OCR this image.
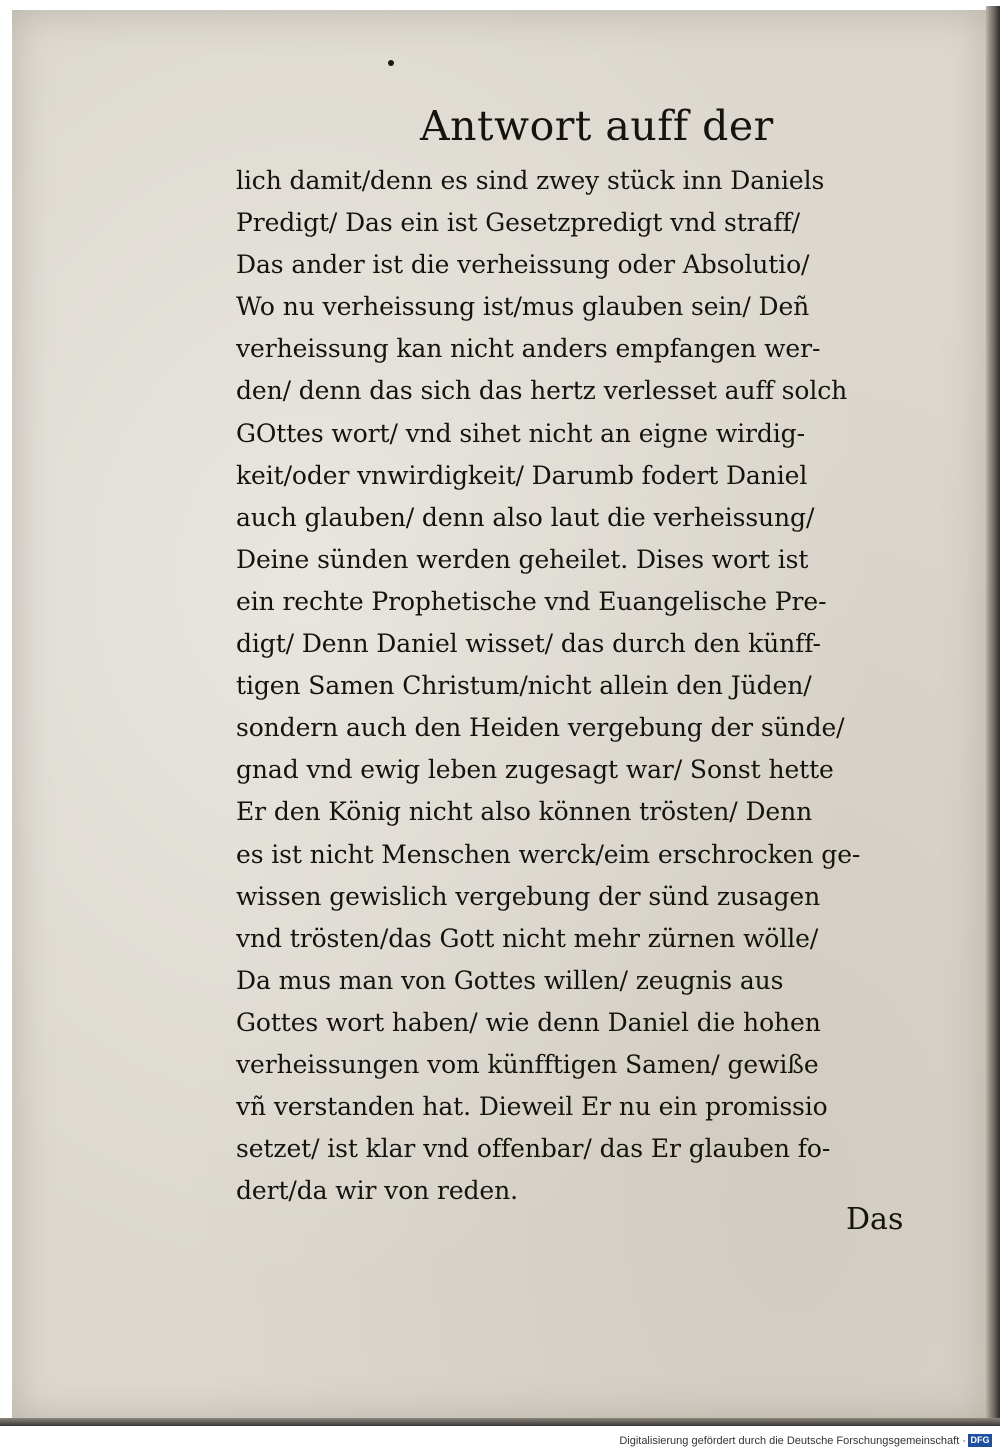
Antwort auff der
lich damit/denn es sind zwey stück inn Daniels
Predigt/ Das ein ist Gesetzpredigt vnd straff/
Das ander ist die verheissung oder Absolutio/
Wo nu verheissung ist/mus glauben sein/ Deñ
verheissung kan nicht anders empfangen wer-
den/ denn das sich das hertz verlesset auff solch
GOttes wort/ vnd sihet nicht an eigne wirdig-
keit/oder vnwirdigkeit/ Darumb fodert Daniel
auch glauben/ denn also laut die verheissung/
Deine sünden werden geheilet. Dises wort ist
ein rechte Prophetische vnd Euangelische Pre-
digt/ Denn Daniel wisset/ das durch den künff-
tigen Samen Christum/nicht allein den Jüden/
sondern auch den Heiden vergebung der sünde/
gnad vnd ewig leben zugesagt war/ Sonst hette
Er den König nicht also können trösten/ Denn
es ist nicht Menschen werck/eim erschrocken ge-
wissen gewislich vergebung der sünd zusagen
vnd trösten/das Gott nicht mehr zürnen wölle/
Da mus man von Gottes willen/ zeugnis aus
Gottes wort haben/ wie denn Daniel die hohen
verheissungen vom künfftigen Samen/ gewiße
vñ verstanden hat. Dieweil Er nu ein promissio
setzet/ ist klar vnd offenbar/ das Er glauben fo-
dert/da wir von reden.
Das
Digitalisierung gefördert durch die Deutsche Forschungsgemeinschaft · DFG
